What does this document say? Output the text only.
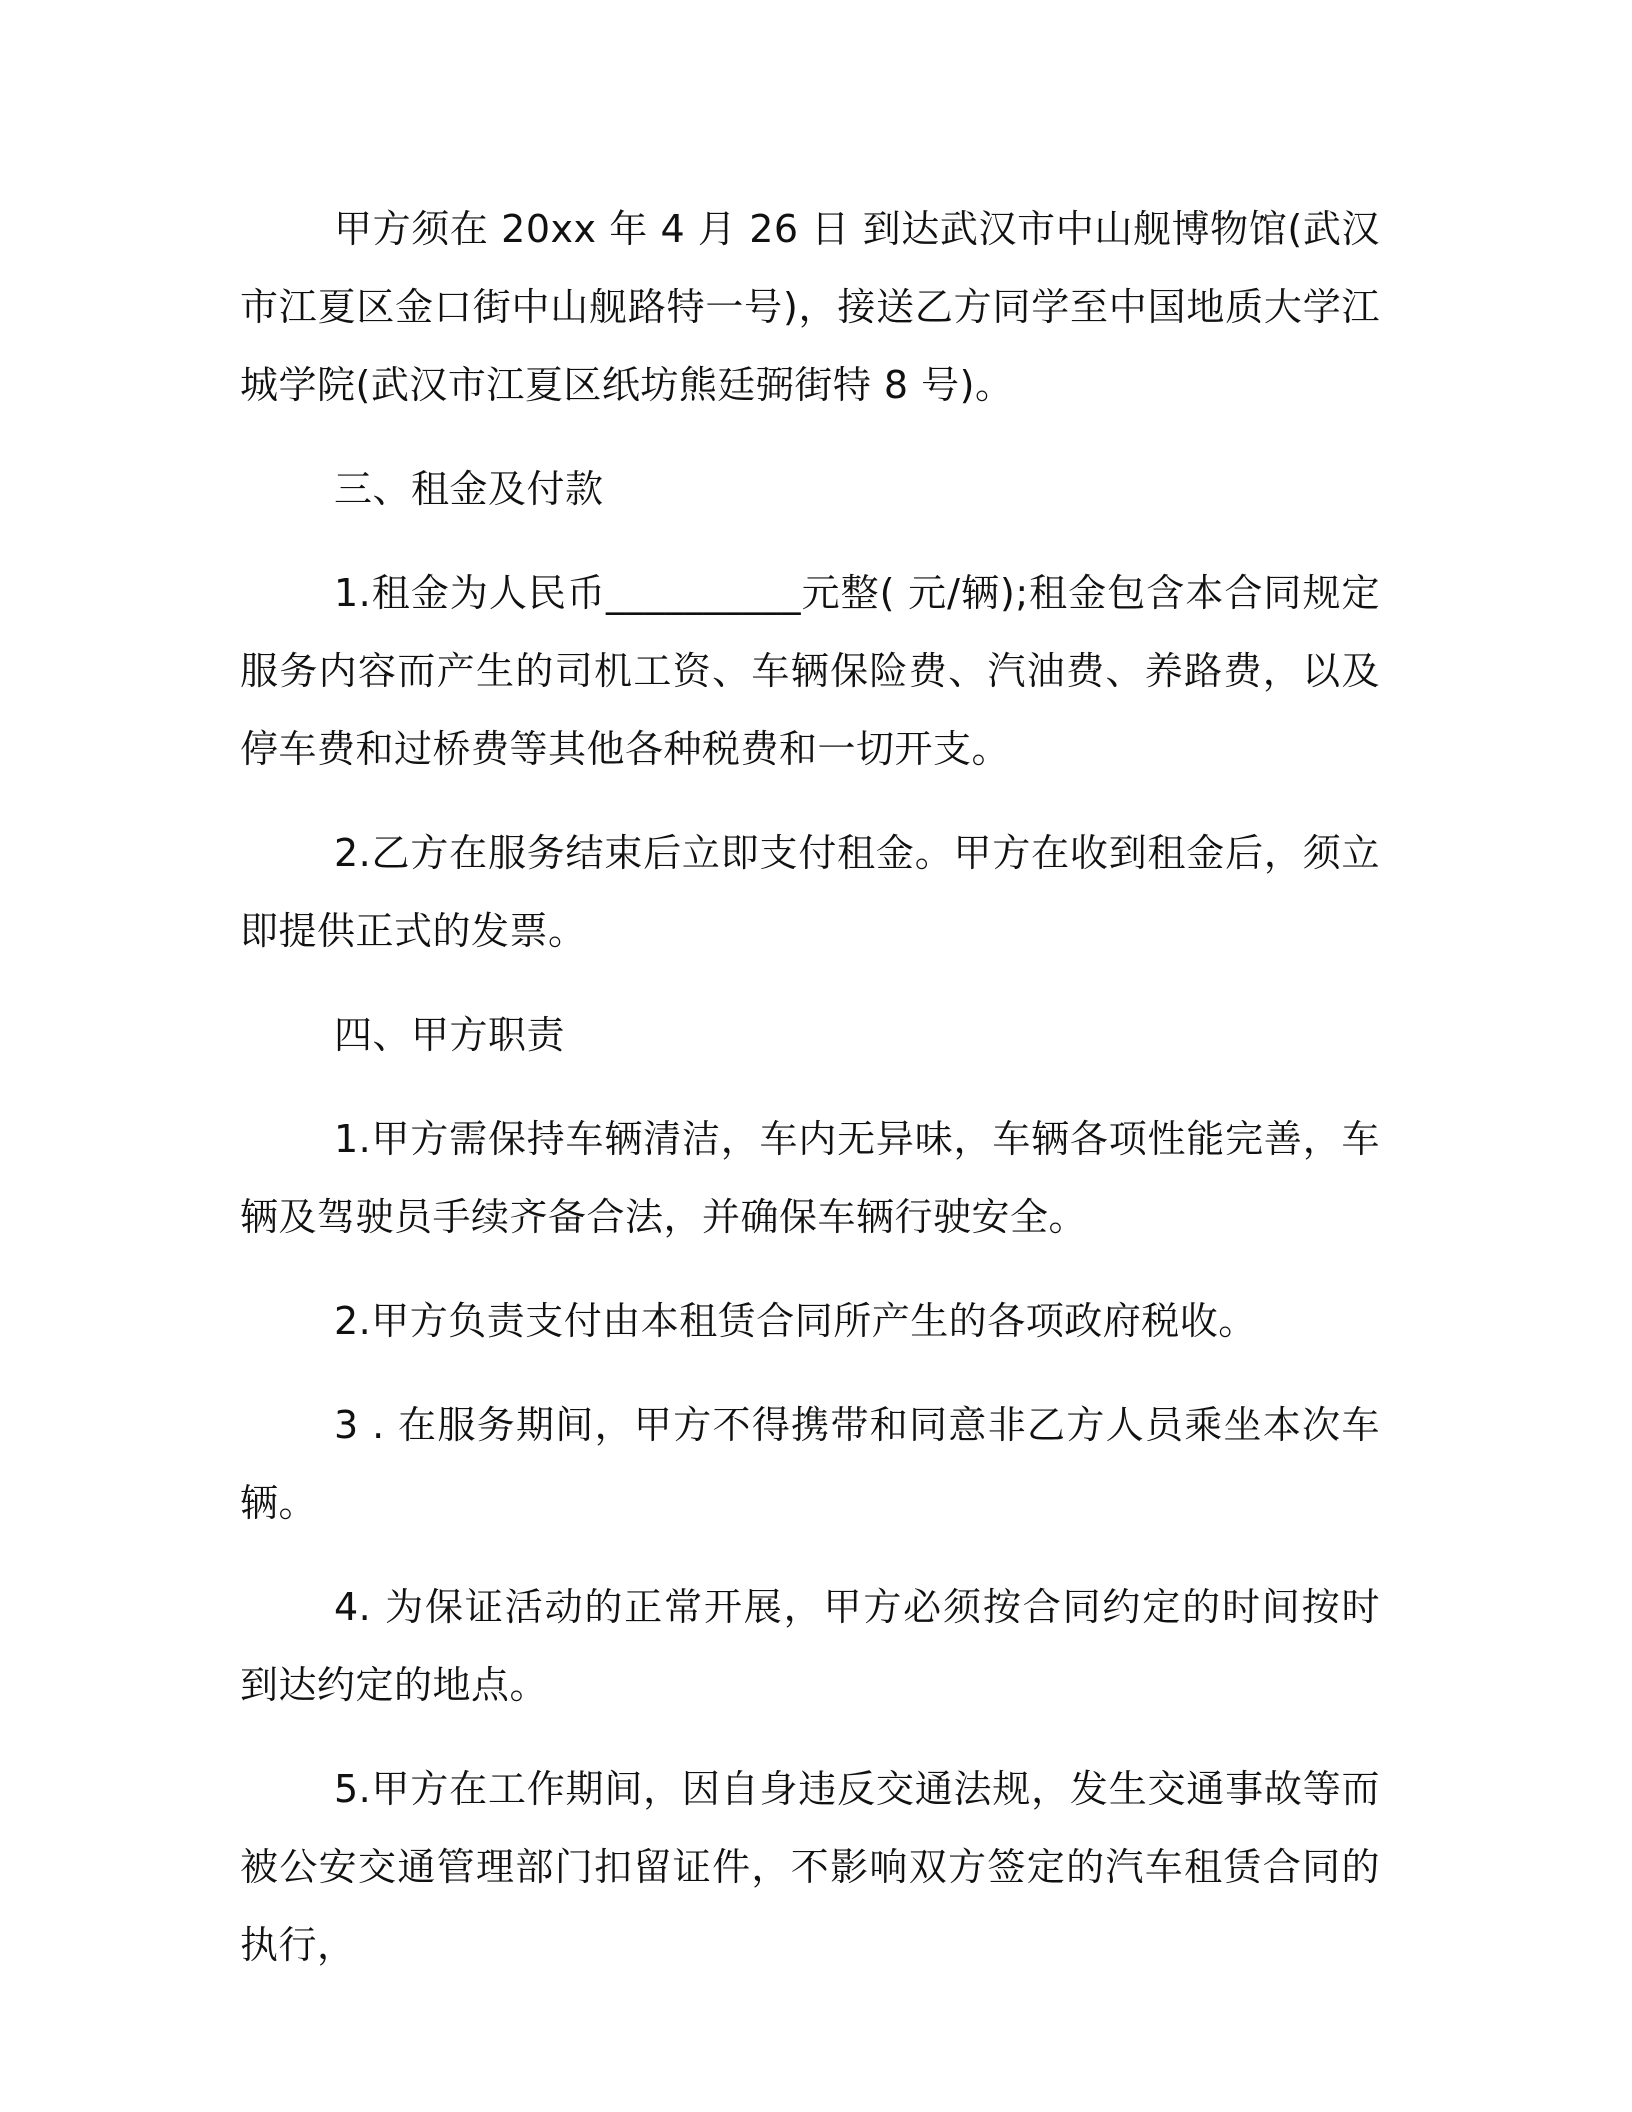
甲方须在 20xx 年 4 月 26 日 到达武汉市中山舰博物馆(武汉市江夏区金口街中山舰路特一号)，接送乙方同学至中国地质大学江城学院(武汉市江夏区纸坊熊廷弼街特 8 号)。

三、租金及付款

1.租金为人民币__________元整( 元/辆);租金包含本合同规定服务内容而产生的司机工资、车辆保险费、汽油费、养路费，以及停车费和过桥费等其他各种税费和一切开支。

2.乙方在服务结束后立即支付租金。甲方在收到租金后，须立即提供正式的发票。

四、甲方职责

1.甲方需保持车辆清洁，车内无异味，车辆各项性能完善，车辆及驾驶员手续齐备合法，并确保车辆行驶安全。

2.甲方负责支付由本租赁合同所产生的各项政府税收。

3 . 在服务期间，甲方不得携带和同意非乙方人员乘坐本次车辆。

4. 为保证活动的正常开展，甲方必须按合同约定的时间按时到达约定的地点。

5.甲方在工作期间，因自身违反交通法规，发生交通事故等而被公安交通管理部门扣留证件，不影响双方签定的汽车租赁合同的执行，
